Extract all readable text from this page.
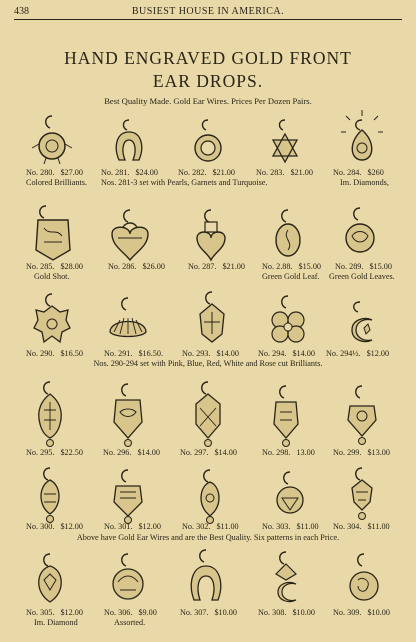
438	BUSIEST HOUSE IN AMERICA.
HAND ENGRAVED GOLD FRONT
EAR DROPS.
Best Quality Made. Gold Ear Wires. Prices Per Dozen Pairs.
No. 280. $27.00 No. 281. $24.00 No. 282. $21.00	No. 283. $21.00 No. 284. $260
Colored Brilliants. Nos. 281-3 set with Pearls, Garnets and Turquoise.	Im. Diamonds,
No. 285. $28.00	No. 286. $26.00	No. 287. $21.00 No. 2.88. $15.00 No. 289. $15.00
Gold Shot.	Green Gold Leaf. Green Gold Leaves.
No. 290. $16.50	No. 291. $16.50. No. 293. $14.00 No. 294. $14.00 No. 294½. $12.00
Nos. 290-294 set with Pink, Blue, Red, White and Rose cut Brilliants.
No. 295. $22.50 No. 296. $14.00 No. 297. $14.00	No. 298. 13.00 No. 299. $13.00
No. 300. $12.00	No. 301. $12.00	No. 302. $11.00	No. 303. $11.00 No. 304. $11.00
Above have Gold Ear Wires and are the Best Quality. Six patterns in each Price.
No. 305. $12.00	No. 306. $9.00	No. 307. $10.00	No. 308. $10.00 No. 309. $10.00
Im. Diamond	Assorted.
